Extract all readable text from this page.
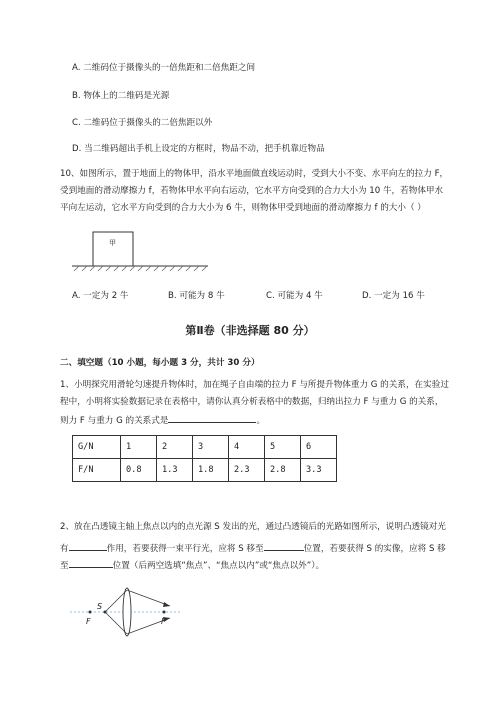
A. 二维码位于摄像头的一倍焦距和二倍焦距之间
B. 物体上的二维码是光源
C. 二维码位于摄像头的二倍焦距以外
D. 当二维码超出手机上设定的方框时，物品不动，把手机靠近物品
10、如图所示，置于地面上的物体甲，沿水平地面做直线运动时，受到大小不变、水平向左的拉力 F，
受到地面的滑动摩擦力 f，若物体甲水平向右运动，它水平方向受到的合力大小为 10 牛，若物体甲水
平向左运动，它水平方向受到的合力大小为 6 牛，则物体甲受到地面的滑动摩擦力 f 的大小（ ）
甲
A. 一定为 2 牛	B. 可能为 8 牛	C. 可能为 4 牛	D. 一定为 16 牛
第Ⅱ卷（非选择题 80 分）
二、填空题（10 小题，每小题 3 分，共计 30 分）
1、小明探究用滑轮匀速提升物体时，加在绳子自由端的拉力 F 与所提升物体重力 G 的关系，在实验过
程中，小明将实验数据记录在表格中，请你认真分析表格中的数据，归纳出拉力 F 与重力 G 的关系，
则力 F 与重力 G 的关系式是	。
G/N	1	2	3	4	5	6
F/N	0.8	1.3	1.8	2.3	2.8	3.3
2、放在凸透镜主轴上焦点以内的点光源 S 发出的光，通过凸透镜后的光路如图所示，说明凸透镜对光
有	作用，若要获得一束平行光，应将 S 移至	位置，若要获得 S 的实像，应将 S 移
至	位置（后两空选填“焦点”、“焦点以内”或“焦点以外”）。
S
F	F
